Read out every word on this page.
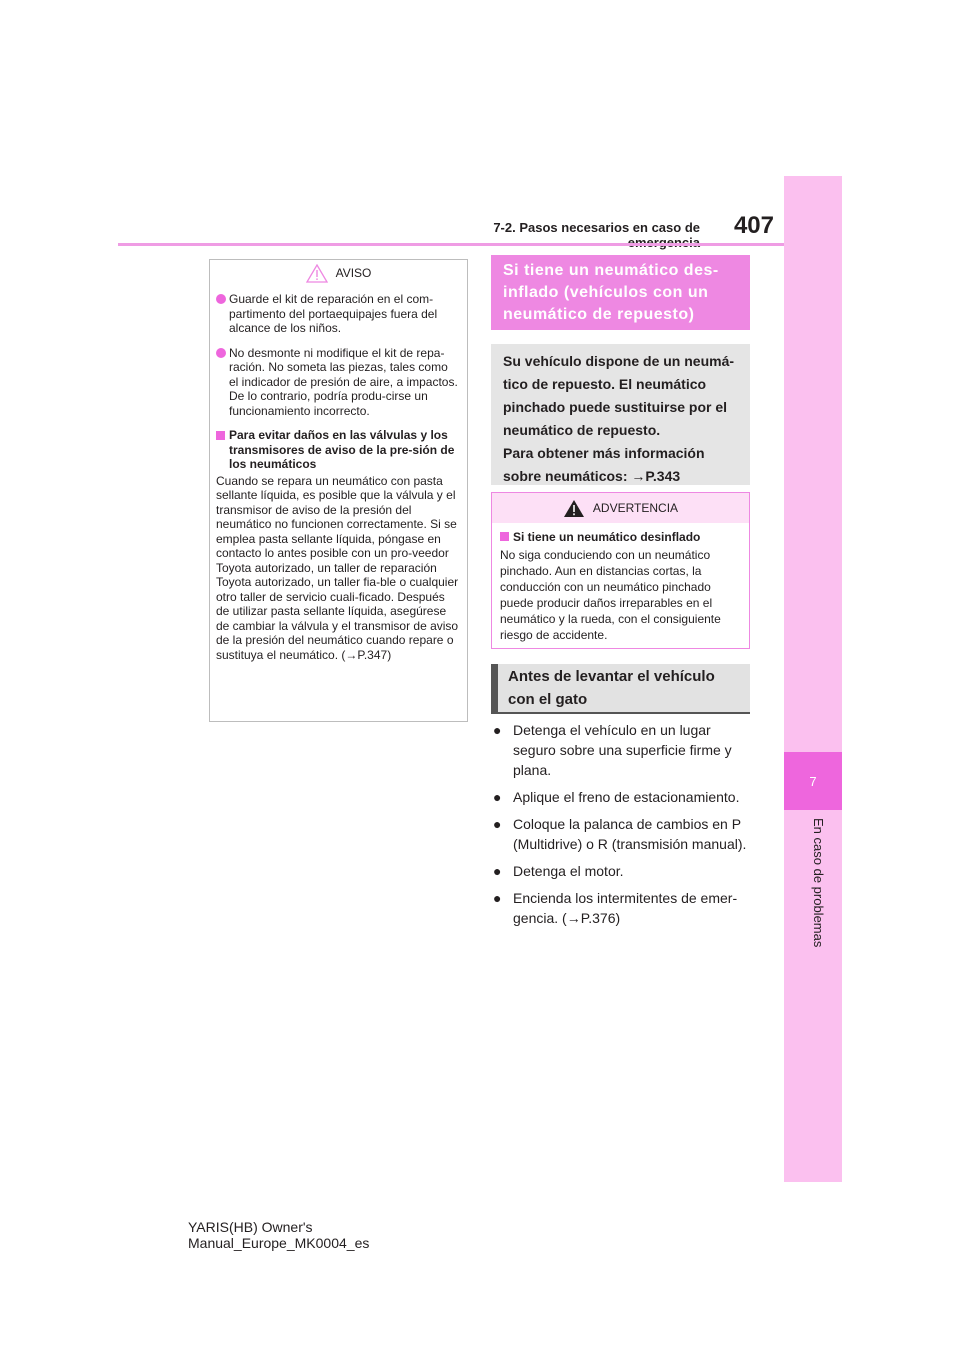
7
En caso de problemas
7-2. Pasos necesarios en caso de	407
AVISO
Guarde el kit de reparación en el com-partimento del portaequipajes fuera del alcance de los niños.
No desmonte ni modifique el kit de repa-ración. No someta las piezas, tales como el indicador de presión de aire, a impactos. De lo contrario, podría produ-cirse un funcionamiento incorrecto.
Para evitar daños en las válvulas y los transmisores de aviso de la pre-sión de los neumáticos

Cuando se repara un neumático con pasta sellante líquida, es posible que la válvula y el transmisor de aviso de la presión del neumático no funcionen correctamente. Si se emplea pasta sellante líquida, póngase en contacto lo antes posible con un pro-veedor Toyota autorizado, un taller de reparación Toyota autorizado, un taller fia-ble o cualquier otro taller de servicio cuali-ficado. Después de utilizar pasta sellante líquida, asegúrese de cambiar la válvula y el transmisor de aviso de la presión del neumático cuando repare o sustituya el neumático. (→P.347)

Si tiene un neumático des-inflado (vehículos con un neumático de repuesto)
Su vehículo dispone de un neumá-tico de repuesto. El neumático pinchado puede sustituirse por el neumático de repuesto.
Para obtener más información sobre neumáticos: →P.343
ADVERTENCIA
Si tiene un neumático desinflado

No siga conduciendo con un neumático pinchado. Aun en distancias cortas, la conducción con un neumático pinchado puede producir daños irreparables en el neumático y la rueda, con el consiguiente riesgo de accidente.

Antes de levantar el vehículo con el gato
● Detenga el vehículo en un lugar seguro sobre una superficie firme y plana.
● Aplique el freno de estacionamiento.
● Coloque la palanca de cambios en P (Multidrive) o R (transmisión manual).
● Detenga el motor.
● Encienda los intermitentes de emer-gencia. (→P.376)
YARIS(HB) Owner's Manual_Europe_MK0004_es
